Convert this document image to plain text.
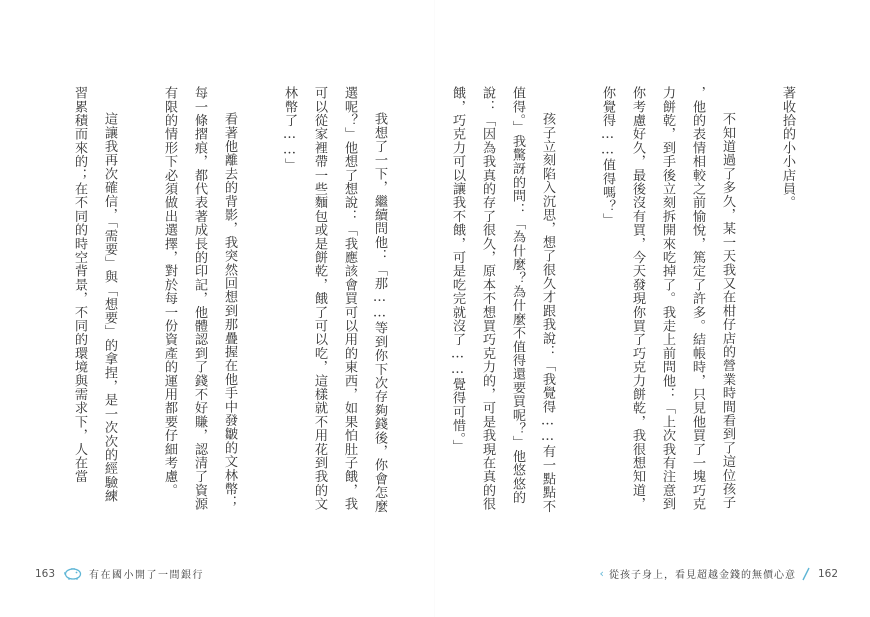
我想了一下，繼續問他：「那……等到你下次存夠錢後，你會怎麼選呢？」他想了想說：「我應該會買可以用的東西，如果怕肚子餓，我可以從家裡帶一些麵包或是餅乾，餓了可以吃，這樣就不用花到我的文林幣了……」

看著他離去的背影，我突然回想到那疊握在他手中發皺的文林幣；每一條摺痕，都代表著成長的印記，他體認到了錢不好賺，認清了資源有限的情形下必須做出選擇，對於每一份資產的運用都要仔細考慮。

這讓我再次確信，「需要」與「想要」的拿捏，是一次次的經驗練習累積而來的；在不同的時空背景，不同的環境與需求下，人在當

163	有在國小開了一間銀行

著收拾的小小店員。

不知道過了多久，某一天我又在柑仔店的營業時間看到了這位孩子，他的表情相較之前愉悅，篤定了許多。結帳時，只見他買了一塊巧克力餅乾，到手後立刻拆開來吃掉了。我走上前問他：「上次我有注意到你考慮好久，最後沒有買，今天發現你買了巧克力餅乾，我很想知道，你覺得……值得嗎？」

孩子立刻陷入沉思，想了很久才跟我說：「我覺得……有一點點不值得。」我驚訝的問：「為什麼？為什麼不值得還要買呢？」他悠悠的說：「因為我真的存了很久，原本不想買巧克力的，可是我現在真的很餓，巧克力可以讓我不餓，可是吃完就沒了……覺得可惜。」

‹ 從孩子身上，看見超越金錢的無價心意 162
